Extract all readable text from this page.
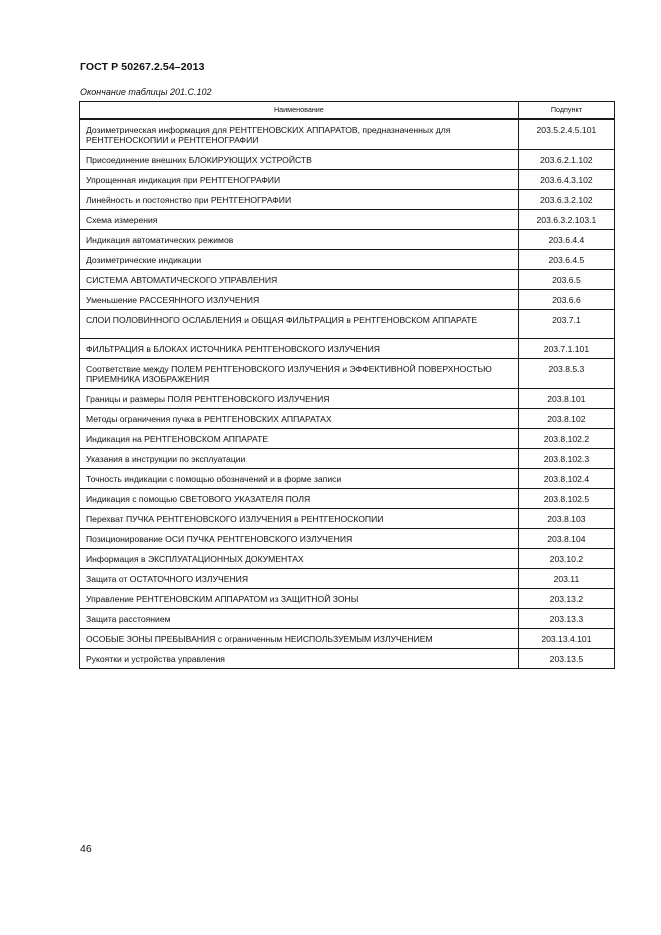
ГОСТ Р 50267.2.54–2013
Окончание таблицы 201.С.102
Наименование	Подпункт
Дозиметрическая информация для РЕНТГЕНОВСКИХ АППАРАТОВ, предназначенных для РЕНТГЕНОСКОПИИ и РЕНТГЕНОГРАФИИ	203.5.2.4.5.101
Присоединение внешних БЛОКИРУЮЩИХ УСТРОЙСТВ	203.6.2.1.102
Упрощенная индикация при РЕНТГЕНОГРАФИИ	203.6.4.3.102
Линейность и постоянство при РЕНТГЕНОГРАФИИ	203.6.3.2.102
Схема измерения	203.6.3.2.103.1
Индикация автоматических режимов	203.6.4.4
Дозиметрические индикации	203.6.4.5
СИСТЕМА АВТОМАТИЧЕСКОГО УПРАВЛЕНИЯ	203.6.5
Уменьшение РАССЕЯННОГО ИЗЛУЧЕНИЯ	203.6.6
СЛОИ ПОЛОВИННОГО ОСЛАБЛЕНИЯ и ОБЩАЯ ФИЛЬТРАЦИЯ в РЕНТГЕНОВСКОМ АППАРАТЕ	203.7.1
ФИЛЬТРАЦИЯ в БЛОКАХ ИСТОЧНИКА РЕНТГЕНОВСКОГО ИЗЛУЧЕНИЯ	203.7.1.101
Соответствие между ПОЛЕМ РЕНТГЕНОВСКОГО ИЗЛУЧЕНИЯ и ЭФФЕКТИВНОЙ ПОВЕРХНОСТЬЮ ПРИЕМНИКА ИЗОБРАЖЕНИЯ	203.8.5.3
Границы и размеры ПОЛЯ РЕНТГЕНОВСКОГО ИЗЛУЧЕНИЯ	203.8.101
Методы ограничения пучка в РЕНТГЕНОВСКИХ АППАРАТАХ	203.8.102
Индикация на РЕНТГЕНОВСКОМ АППАРАТЕ	203.8.102.2
Указания в инструкции по эксплуатации	203.8.102.3
Точность индикации с помощью обозначений и в форме записи	203.8.102.4
Индикация с помощью СВЕТОВОГО УКАЗАТЕЛЯ ПОЛЯ	203.8.102.5
Перехват ПУЧКА РЕНТГЕНОВСКОГО ИЗЛУЧЕНИЯ в РЕНТГЕНОСКОПИИ	203.8.103
Позиционирование ОСИ ПУЧКА РЕНТГЕНОВСКОГО ИЗЛУЧЕНИЯ	203.8.104
Информация в ЭКСПЛУАТАЦИОННЫХ ДОКУМЕНТАХ	203.10.2
Защита от ОСТАТОЧНОГО ИЗЛУЧЕНИЯ	203.11
Управление РЕНТГЕНОВСКИМ АППАРАТОМ из ЗАЩИТНОЙ ЗОНЫ	203.13.2
Защита расстоянием	203.13.3
ОСОБЫЕ ЗОНЫ ПРЕБЫВАНИЯ с ограниченным НЕИСПОЛЬЗУЕМЫМ ИЗЛУЧЕНИЕМ	203.13.4.101
Рукоятки и устройства управления	203.13.5
46
